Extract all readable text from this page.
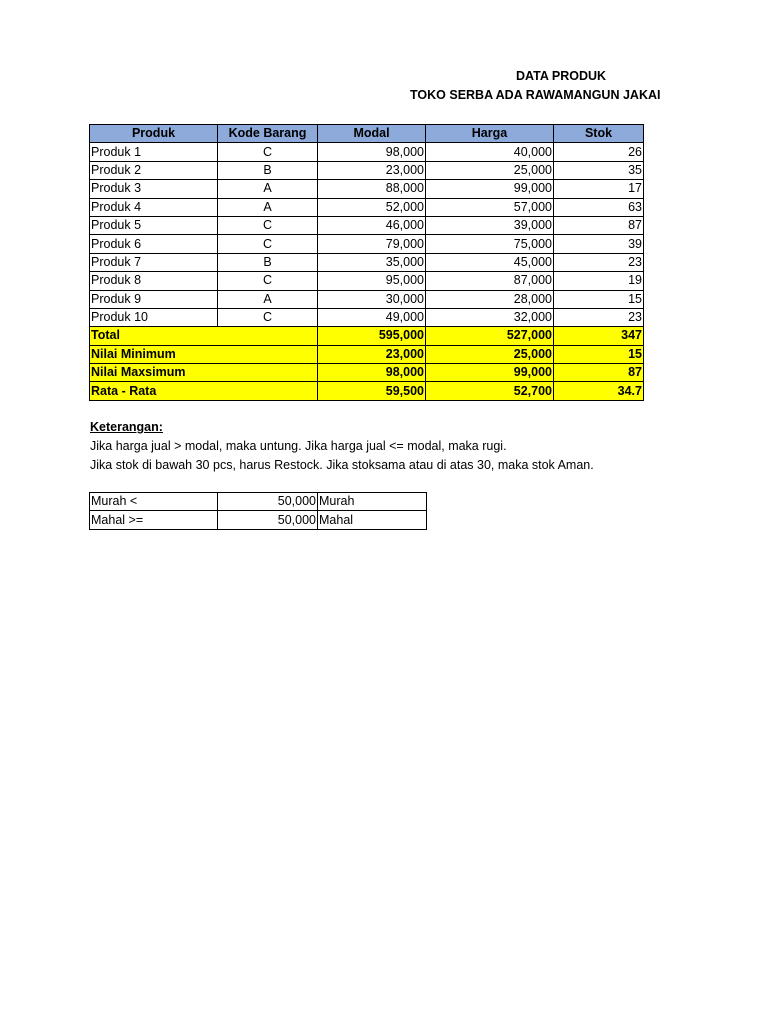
DATA PRODUK
TOKO SERBA ADA RAWAMANGUN JAKAI
Produk	Kode Barang	Modal	Harga	Stok
Produk 1	C	98,000	40,000	26
Produk 2	B	23,000	25,000	35
Produk 3	A	88,000	99,000	17
Produk 4	A	52,000	57,000	63
Produk 5	C	46,000	39,000	87
Produk 6	C	79,000	75,000	39
Produk 7	B	35,000	45,000	23
Produk 8	C	95,000	87,000	19
Produk 9	A	30,000	28,000	15
Produk 10	C	49,000	32,000	23
Total		595,000	527,000	347
Nilai Minimum		23,000	25,000	15
Nilai Maxsimum		98,000	99,000	87
Rata - Rata		59,500	52,700	34.7
Keterangan:
Jika harga jual > modal, maka untung. Jika harga jual <= modal, maka rugi.
Jika stok di bawah 30 pcs, harus Restock. Jika stoksama atau di atas 30, maka stok Aman.
Murah <	50,000	Murah
Mahal >=	50,000	Mahal
